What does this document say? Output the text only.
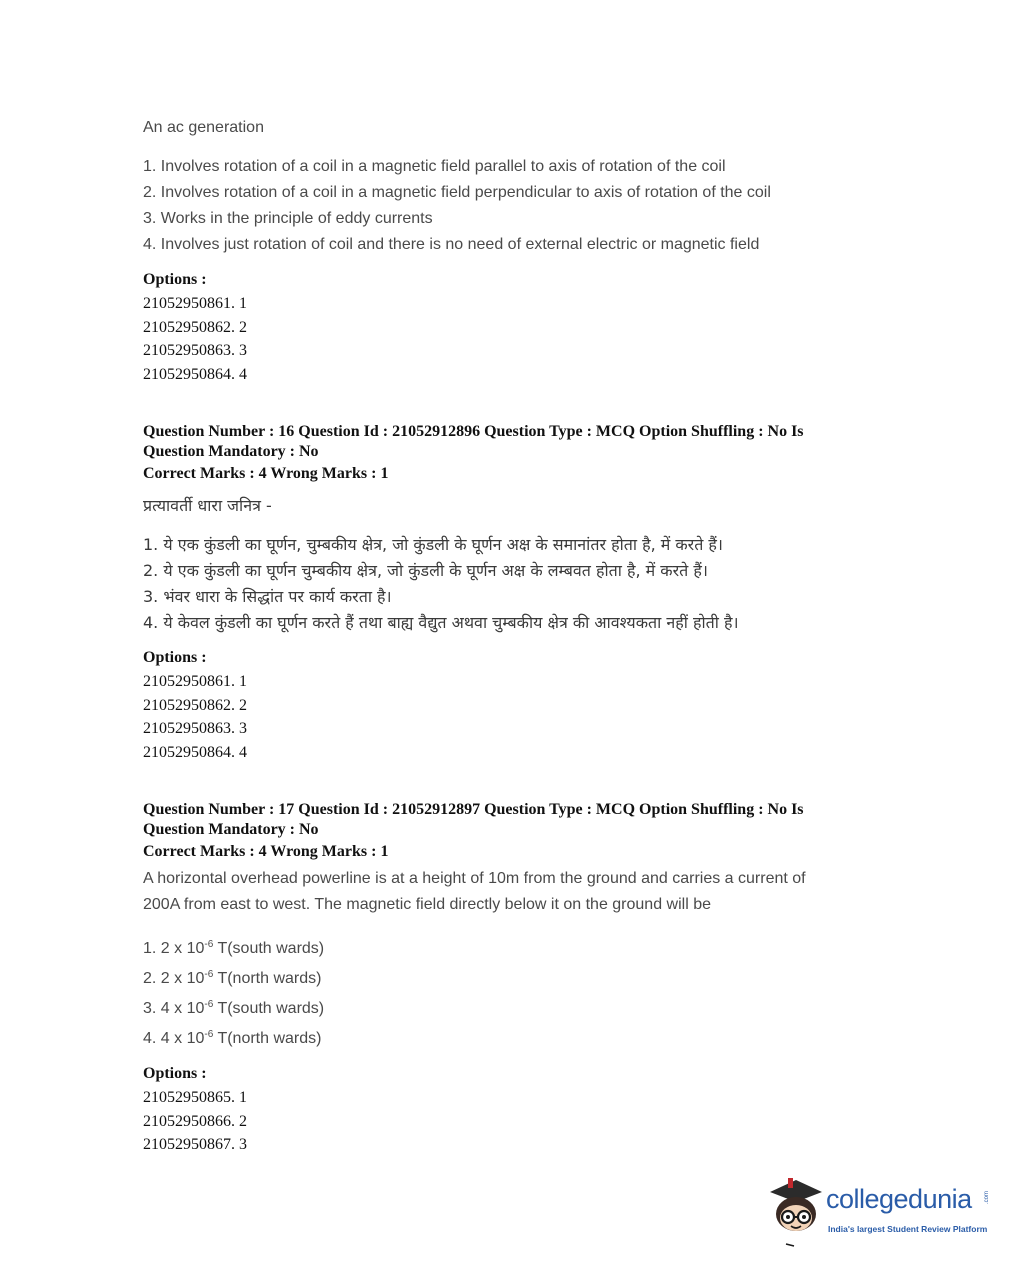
An ac generation
1. Involves rotation of a coil in a magnetic field parallel to axis of rotation of the coil
2. Involves rotation of a coil in a magnetic field perpendicular to axis of rotation of the coil
3. Works in the principle of eddy currents
4. Involves just rotation of coil and there is no need of external electric or magnetic field
Options :
21052950861. 1
21052950862. 2
21052950863. 3
21052950864. 4
Question Number : 16 Question Id : 21052912896 Question Type : MCQ Option Shuffling : No Is
Question Mandatory : No
Correct Marks : 4 Wrong Marks : 1
प्रत्यावर्ती धारा जनित्र -
1. ये एक कुंडली का घूर्णन, चुम्बकीय क्षेत्र, जो कुंडली के घूर्णन अक्ष के समानांतर होता है, में करते हैं।
2. ये एक कुंडली का घूर्णन चुम्बकीय क्षेत्र, जो कुंडली के घूर्णन अक्ष के लम्बवत होता है, में करते हैं।
3. भंवर धारा के सिद्धांत पर कार्य करता है।
4. ये केवल कुंडली का घूर्णन करते हैं तथा बाह्य वैद्युत अथवा चुम्बकीय क्षेत्र की आवश्यकता नहीं होती है।
Options :
21052950861. 1
21052950862. 2
21052950863. 3
21052950864. 4
Question Number : 17 Question Id : 21052912897 Question Type : MCQ Option Shuffling : No Is
Question Mandatory : No
Correct Marks : 4 Wrong Marks : 1
A horizontal overhead powerline is at a height of 10m from the ground and carries a current of
200A from east to west. The magnetic field directly below it on the ground will be
1. 2 x $10^{-6}$ T(south wards)
2. 2 x $10^{-6}$ T(north wards)
3. 4 x $10^{-6}$ T(south wards)
4. 4 x $10^{-6}$ T(north wards)
Options :
21052950865. 1
21052950866. 2
21052950867. 3
collegedunia .com
India's largest Student Review Platform
